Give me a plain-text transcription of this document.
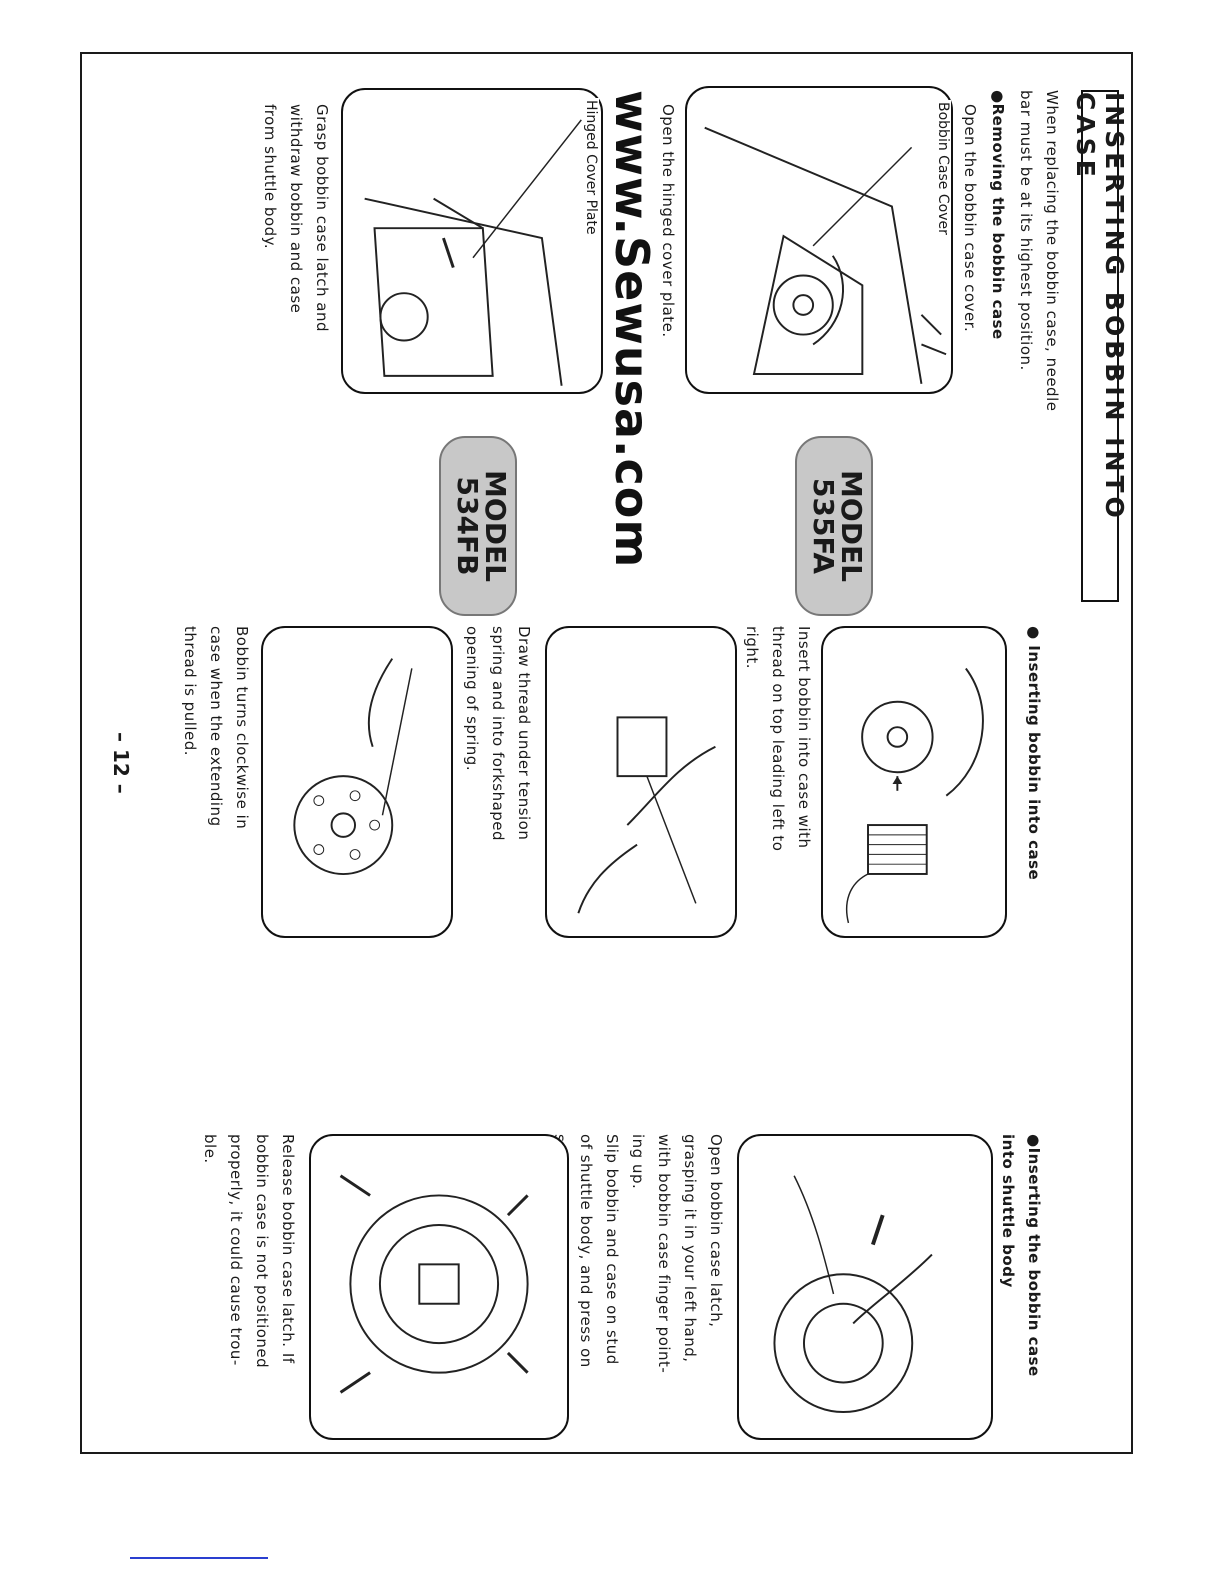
INSERTING BOBBIN INTO CASE
When replacing the bobbin case, needle
bar must be at its highest position.
●Removing the bobbin case
Open the bobbin case cover.
Bobbin Case Cover
Open the hinged cover plate.
www.Sewusa.com
Hinged Cover Plate
Grasp bobbin case latch and
withdraw bobbin and case
from shuttle body.
MODEL
535FA
MODEL
534FB
● Inserting bobbin into case
Insert bobbin into case with
thread on top leading left to
right.
Draw thread under tension
spring and into forkshaped
opening of spring.
Bobbin turns clockwise in
case when the extending
thread is pulled.
●Inserting the bobbin case
into shuttle body
Open bobbin case latch,
grasping it in your left hand,
with bobbin case finger point-
ing up.
Slip bobbin and case on stud
of shuttle body, and press on

Release bobbin case latch. If
bobbin case is not positioned
properly, it could cause trou-
ble.
– 12 –
